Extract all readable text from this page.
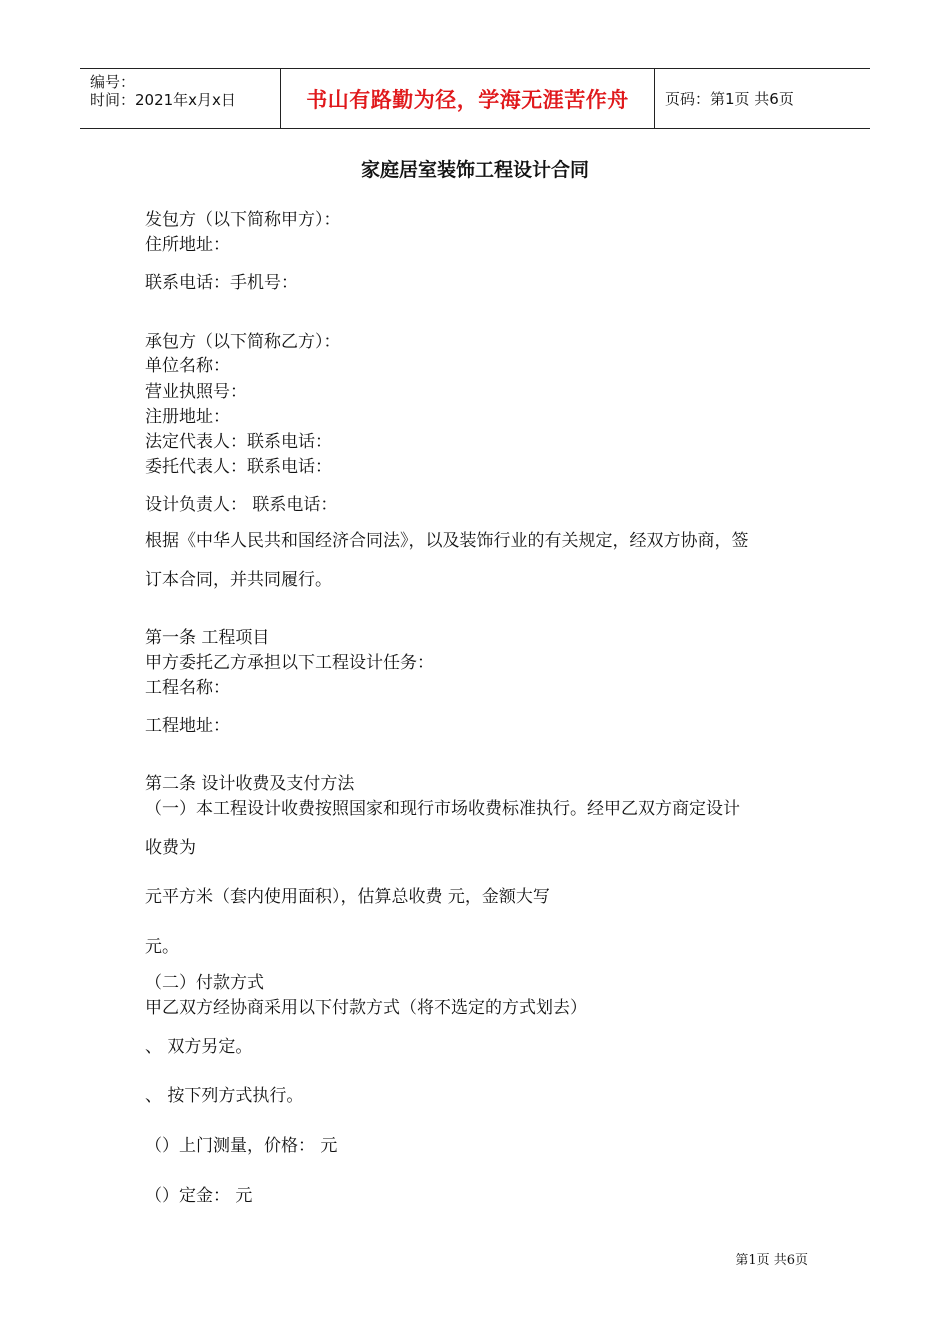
编号：
时间：2021年x月x日	书山有路勤为径，学海无涯苦作舟 页码：第1页 共6页
家庭居室装饰工程设计合同
发包方（以下简称甲方）：
住所地址：
联系电话：手机号：
承包方（以下简称乙方）：
单位名称：
营业执照号：
注册地址：
法定代表人：联系电话：
委托代表人：联系电话：
设计负责人： 联系电话：
根据《中华人民共和国经济合同法》，以及装饰行业的有关规定，经双方协商，签
订本合同，并共同履行。
第一条 工程项目
甲方委托乙方承担以下工程设计任务：
工程名称：
工程地址：
第二条 设计收费及支付方法
（一）本工程设计收费按照国家和现行市场收费标准执行。经甲乙双方商定设计
收费为
元平方米（套内使用面积），估算总收费 元，金额大写
元。
（二）付款方式
甲乙双方经协商采用以下付款方式（将不选定的方式划去）
、 双方另定。
、 按下列方式执行。
（）上门测量，价格： 元
（）定金： 元
第1页 共6页
